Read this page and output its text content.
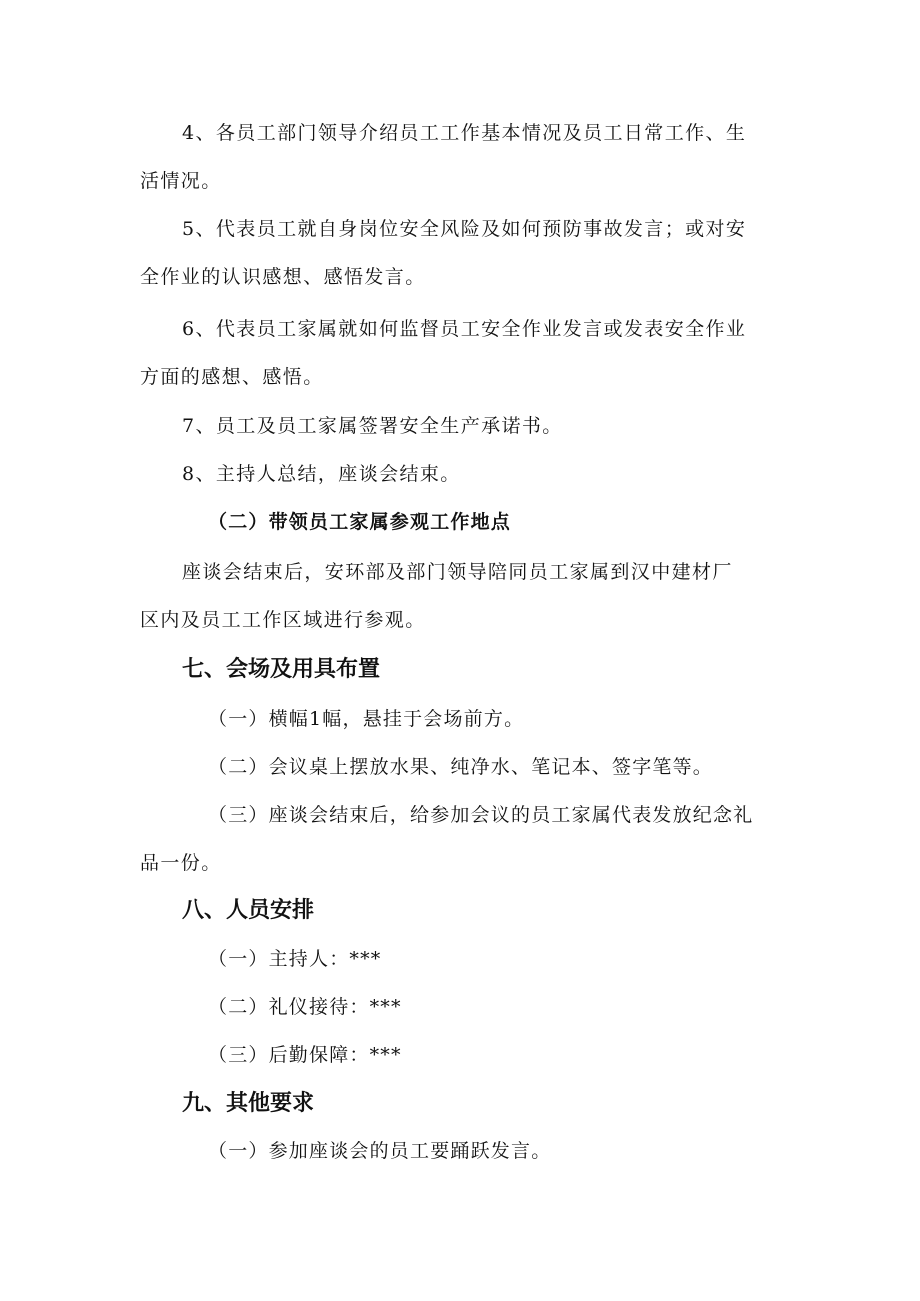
4、各员工部门领导介绍员工工作基本情况及员工日常工作、生
活情况。
5、代表员工就自身岗位安全风险及如何预防事故发言；或对安
全作业的认识感想、感悟发言。
6、代表员工家属就如何监督员工安全作业发言或发表安全作业
方面的感想、感悟。
7、员工及员工家属签署安全生产承诺书。
8、主持人总结，座谈会结束。
（二）带领员工家属参观工作地点
座谈会结束后，安环部及部门领导陪同员工家属到汉中建材厂
区内及员工工作区域进行参观。
七、会场及用具布置
（一）横幅1幅，悬挂于会场前方。
（二）会议桌上摆放水果、纯净水、笔记本、签字笔等。
（三）座谈会结束后，给参加会议的员工家属代表发放纪念礼
品一份。
八、人员安排
（一）主持人：***
（二）礼仪接待：***
（三）后勤保障：***
九、其他要求
（一）参加座谈会的员工要踊跃发言。
